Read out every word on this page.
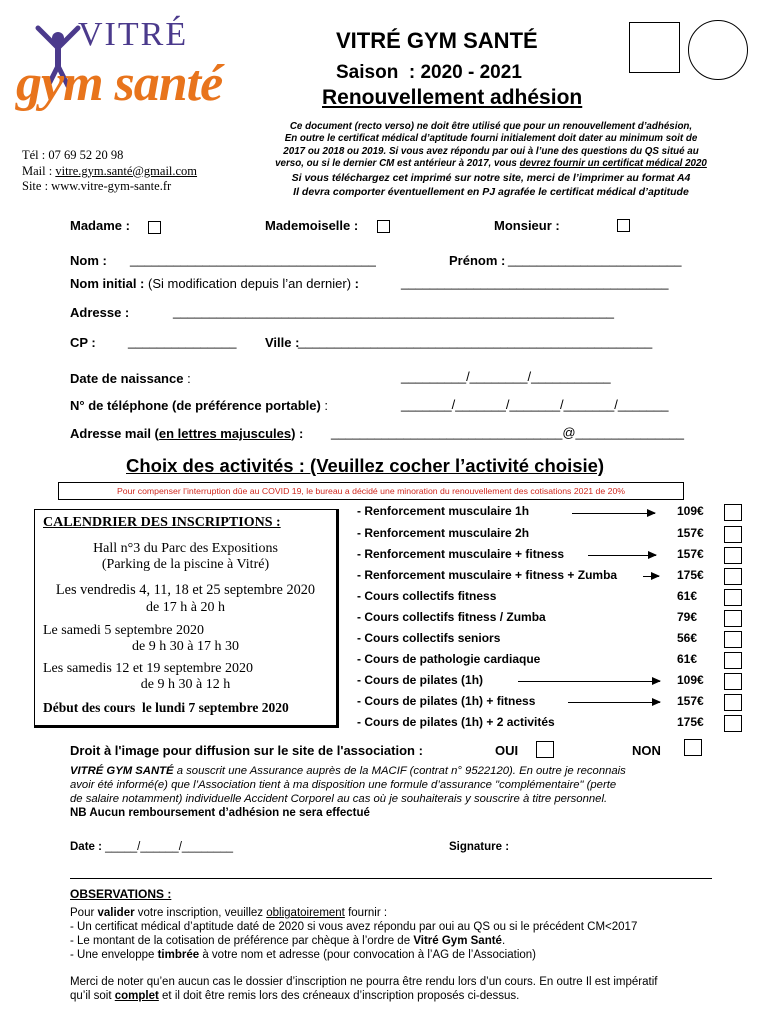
VITRÉ
gym santé
Tél : 07 69 52 20 98
Mail : vitre.gym.santé@gmail.com
Site : www.vitre-gym-sante.fr
VITRÉ GYM SANTÉ
Saison  : 2020 - 2021
Renouvellement adhésion
Ce document (recto verso) ne doit être utilisé que pour un renouvellement d’adhésion,
En outre le certificat médical d’aptitude fourni initialement doit dater au minimum soit de
2017 ou 2018 ou 2019. Si vous avez répondu par oui à l’une des questions du QS situé au
verso, ou si le dernier CM est antérieur à 2017, vous devrez fournir un certificat médical 2020
Si vous téléchargez cet imprimé sur notre site, merci de l’imprimer au format A4
Il devra comporter éventuellement en PJ agrafée le certificat médical d’aptitude
Madame :	Mademoiselle :	Monsieur :
Nom : __________________________________	Prénom : ________________________
Nom initial : (Si modification depuis l’an dernier) :	_____________________________________
Adresse :	_____________________________________________________________
CP : _______________ Ville :
_________________________________________________
Date de naissance :	_________/________/___________
N° de téléphone (de préférence portable) :	_______/_______/_______/_______/_______
Adresse mail (en lettres majuscules) : ________________________________@_______________
Choix des activités : (Veuillez cocher l’activité choisie)
Pour compenser l’interruption dûe au COVID 19, le bureau a décidé une minoration du renouvellement des cotisations 2021 de 20%
- Renforcement musculaire 1h	109€
- Renforcement musculaire 2h	157€
- Renforcement musculaire + fitness	157€
- Renforcement musculaire + fitness + Zumba	175€
- Cours collectifs fitness	61€
- Cours collectifs fitness / Zumba	79€
- Cours collectifs seniors	56€
- Cours de pathologie cardiaque	61€
- Cours de pilates (1h)	109€
- Cours de pilates (1h) + fitness	157€
- Cours de pilates (1h) + 2 activités	175€
CALENDRIER DES INSCRIPTIONS :
Hall n°3 du Parc des Expositions
(Parking de la piscine à Vitré)
Les vendredis 4, 11, 18 et 25 septembre 2020
de 17 h à 20 h
Le samedi 5 septembre 2020
de 9 h 30 à 17 h 30
Les samedis 12 et 19 septembre 2020
de 9 h 30 à 12 h
Début des cours  le lundi 7 septembre 2020
Droit à l'image pour diffusion sur le site de l'association :	OUI	NON
VITRÉ GYM SANTÉ a souscrit une Assurance auprès de la MACIF (contrat n° 9522120). En outre je reconnais
avoir été informé(e) que l’Association tient à ma disposition une formule d’assurance "complémentaire" (perte
de salaire notamment) individuelle Accident Corporel au cas où je souhaiterais y souscrire à titre personnel.
NB Aucun remboursement d’adhésion ne sera effectué
Date : _____/______/________	Signature :
OBSERVATIONS :
Pour valider votre inscription, veuillez obligatoirement fournir :
- Un certificat médical d’aptitude daté de 2020 si vous avez répondu par oui au QS ou si le précédent CM<2017
- Le montant de la cotisation de préférence par chèque à l’ordre de Vitré Gym Santé.
- Une enveloppe timbrée à votre nom et adresse (pour convocation à l’AG de l’Association)
Merci de noter qu’en aucun cas le dossier d’inscription ne pourra être rendu lors d’un cours. En outre Il est impératif
qu’il soit complet et il doit être remis lors des créneaux d’inscription proposés ci-dessus.
